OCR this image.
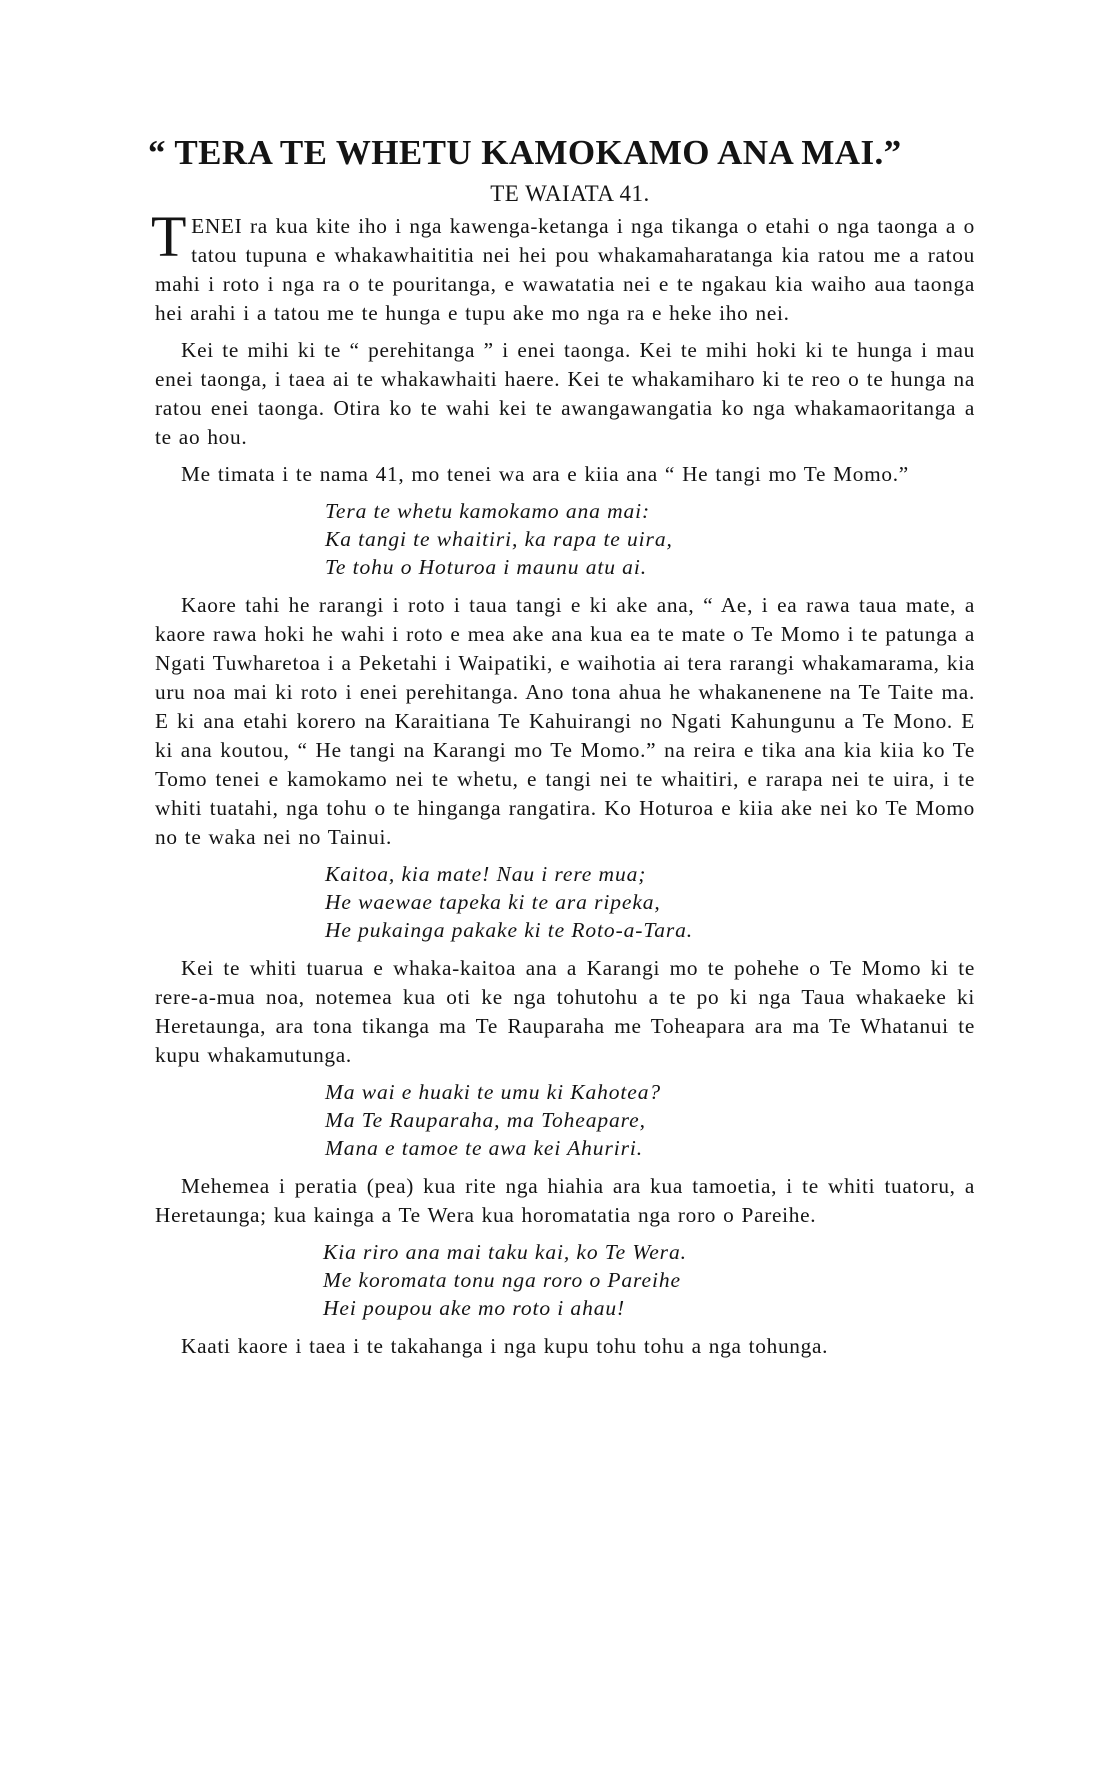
“ TERA TE WHETU KAMOKAMO ANA MAI.”
TE WAIATA 41.

TENEI ra kua kite iho i nga kawenga-ketanga i nga tikanga o etahi o nga taonga a o tatou tupuna e whakawhaititia nei hei pou whakamaharatanga kia ratou me a ratou mahi i roto i nga ra o te pouritanga, e wawatatia nei e te ngakau kia waiho aua taonga hei arahi i a tatou me te hunga e tupu ake mo nga ra e heke iho nei.

Kei te mihi ki te “ perehitanga ” i enei taonga. Kei te mihi hoki ki te hunga i mau enei taonga, i taea ai te whakawhaiti haere. Kei te whakamiharo ki te reo o te hunga na ratou enei taonga. Otira ko te wahi kei te awangawangatia ko nga whakamaoritanga a te ao hou.

Me timata i te nama 41, mo tenei wa ara e kiia ana “ He tangi mo Te Momo.”

Tera te whetu kamokamo ana mai:
Ka tangi te whaitiri, ka rapa te uira,
Te tohu o Hoturoa i maunu atu ai.

Kaore tahi he rarangi i roto i taua tangi e ki ake ana, “ Ae, i ea rawa taua mate, a kaore rawa hoki he wahi i roto e mea ake ana kua ea te mate o Te Momo i te patunga a Ngati Tuwharetoa i a Peketahi i Waipatiki, e waihotia ai tera rarangi whakamarama, kia uru noa mai ki roto i enei perehitanga. Ano tona ahua he whakanenene na Te Taite ma. E ki ana etahi korero na Karaitiana Te Kahuirangi no Ngati Kahungunu a Te Mono. E ki ana koutou, “ He tangi na Karangi mo Te Momo.” na reira e tika ana kia kiia ko Te Tomo tenei e kamokamo nei te whetu, e tangi nei te whaitiri, e rarapa nei te uira, i te whiti tuatahi, nga tohu o te hinganga rangatira. Ko Hoturoa e kiia ake nei ko Te Momo no te waka nei no Tainui.

Kaitoa, kia mate! Nau i rere mua;
He waewae tapeka ki te ara ripeka,
He pukainga pakake ki te Roto-a-Tara.

Kei te whiti tuarua e whaka-kaitoa ana a Karangi mo te pohehe o Te Momo ki te rere-a-mua noa, notemea kua oti ke nga tohutohu a te po ki nga Taua whakaeke ki Heretaunga, ara tona tikanga ma Te Rauparaha me Toheapara ara ma Te Whatanui te kupu whakamutunga.

Ma wai e huaki te umu ki Kahotea?
Ma Te Rauparaha, ma Toheapare,
Mana e tamoe te awa kei Ahuriri.

Mehemea i peratia (pea) kua rite nga hiahia ara kua tamoetia, i te whiti tuatoru, a Heretaunga; kua kainga a Te Wera kua horomatatia nga roro o Pareihe.

Kia riro ana mai taku kai, ko Te Wera.
Me koromata tonu nga roro o Pareihe
Hei poupou ake mo roto i ahau!

Kaati kaore i taea i te takahanga i nga kupu tohu tohu a nga tohunga.
